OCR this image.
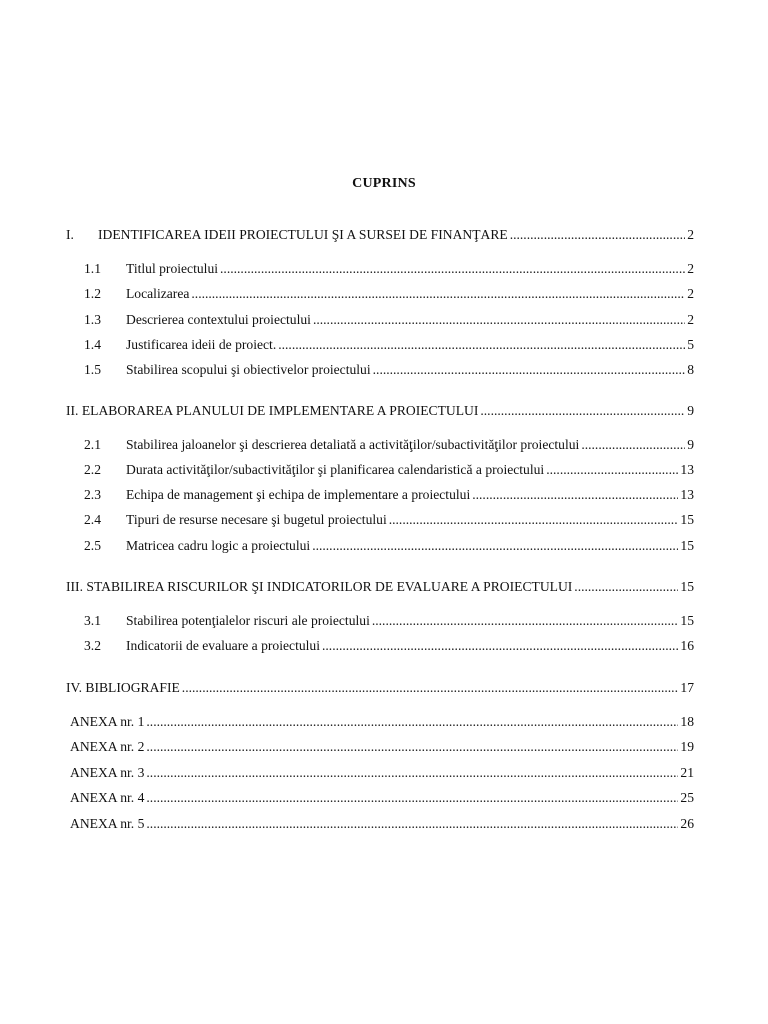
CUPRINS
I.	IDENTIFICAREA IDEII PROIECTULUI ŞI A SURSEI DE FINANŢARE .....	2
1.1	Titlul proiectului .....	2
1.2	Localizarea .....	2
1.3	Descrierea contextului proiectului .....	2
1.4	Justificarea ideii de proiect. .....	5
1.5	Stabilirea scopului şi obiectivelor proiectului .....	8
II. ELABORAREA PLANULUI DE IMPLEMENTARE A PROIECTULUI .....	9
2.1	Stabilirea jaloanelor şi descrierea detaliată a activităţilor/subactivităţilor proiectului .....	9
2.2	Durata activităţilor/subactivităţilor şi planificarea calendaristică a proiectului .....	13
2.3	Echipa de management şi echipa de implementare a proiectului .....	13
2.4	Tipuri de resurse necesare şi bugetul proiectului .....	15
2.5	Matricea cadru logic a proiectului .....	15
III. STABILIREA RISCURILOR ŞI INDICATORILOR DE EVALUARE A PROIECTULUI .....	15
3.1	Stabilirea potenţialelor riscuri ale proiectului .....	15
3.2	Indicatorii de evaluare a proiectului .....	16
IV. BIBLIOGRAFIE .....	17
ANEXA nr. 1 .....	18
ANEXA nr. 2 .....	19
ANEXA nr. 3 .....	21
ANEXA nr. 4 .....	25
ANEXA nr. 5 .....	26
